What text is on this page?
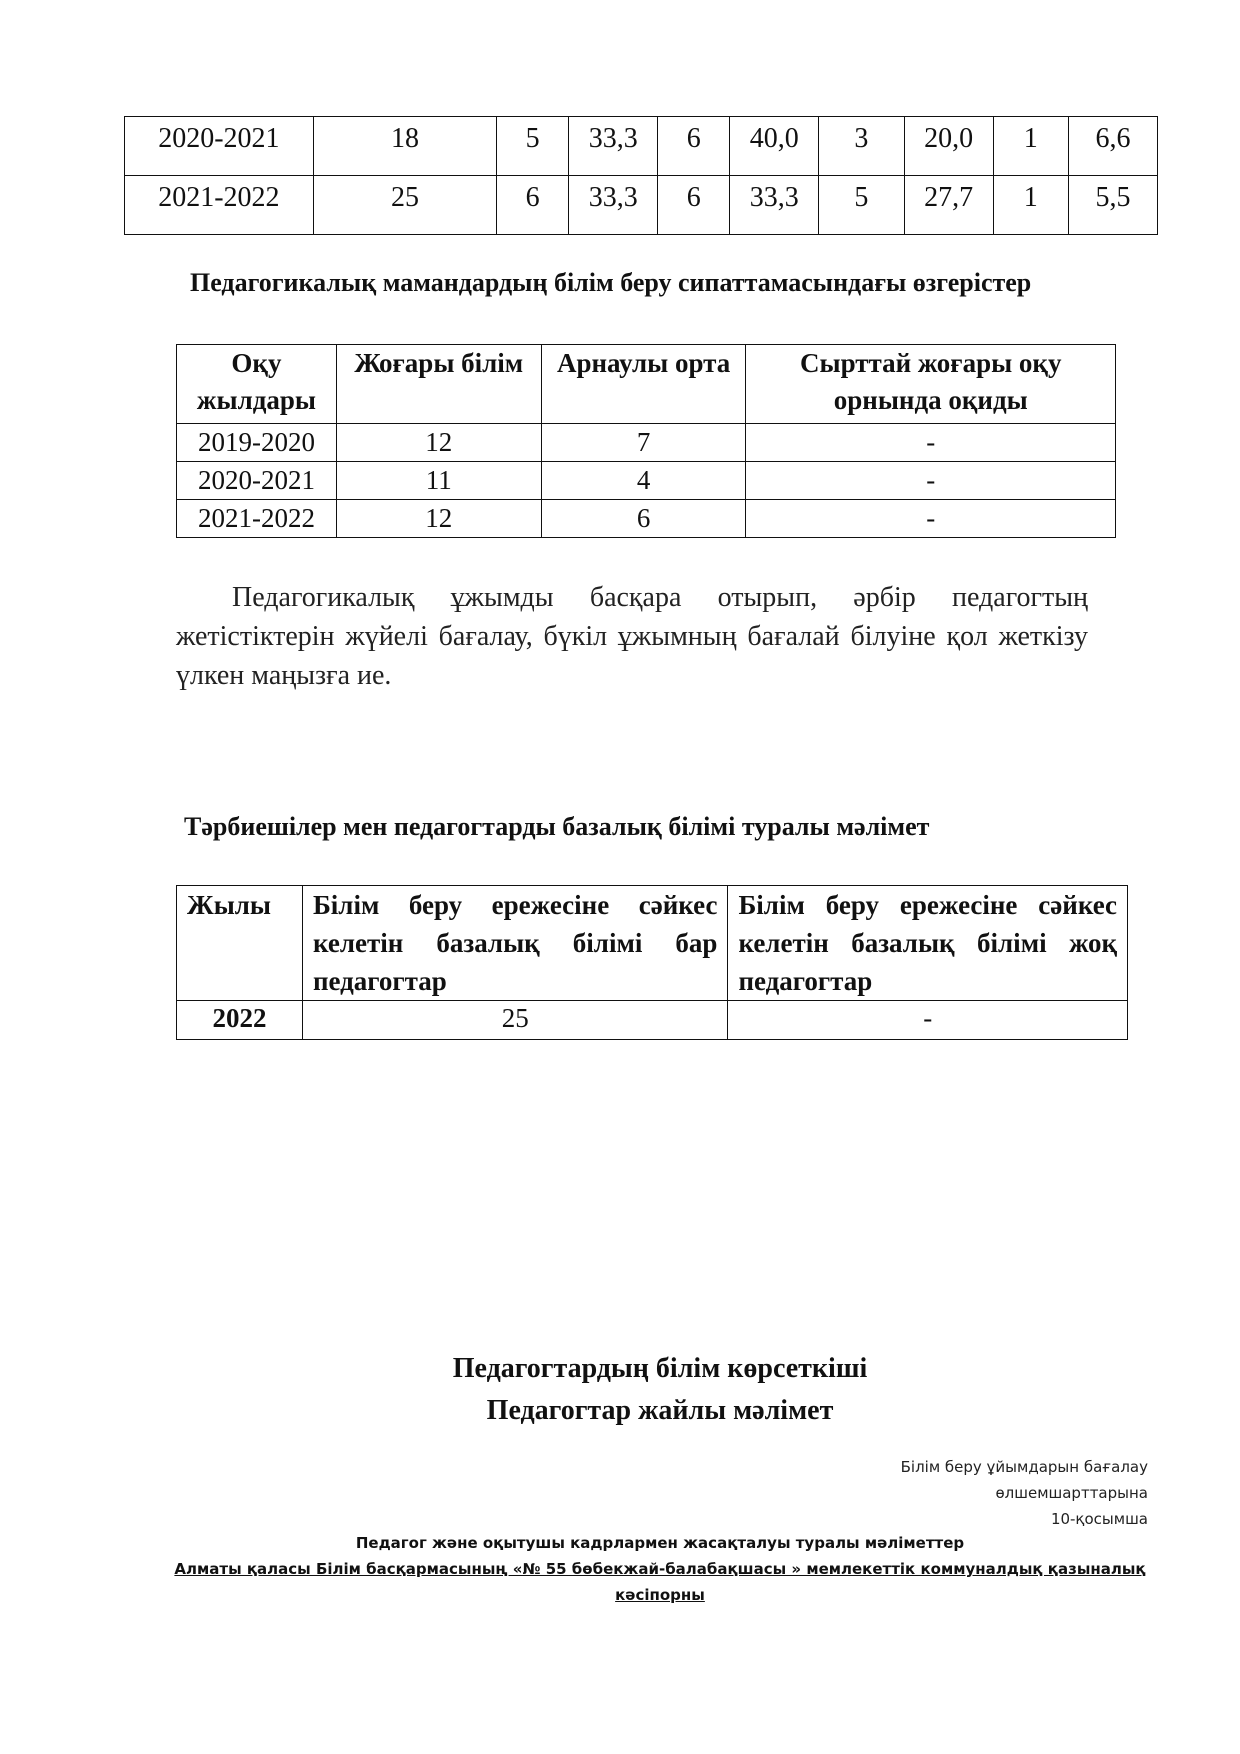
2020-2021	18	5	33,3	6	40,0	3	20,0	1	6,6
2021-2022	25	6	33,3	6	33,3	5	27,7	1	5,5
Педагогикалық мамандардың білім беру сипаттамасындағы өзгерістер
Оқу жылдары	Жоғары білім	Арнаулы орта	Сырттай жоғары оқу орнында оқиды
2019-2020	12	7	-
2020-2021	11	4	-
2021-2022	12	6	-
Педагогикалық ұжымды басқара отырып, әрбір педагогтың жетістіктерін жүйелі бағалау, бүкіл ұжымның бағалай білуіне қол жеткізу үлкен маңызға ие.
Тәрбиешілер мен педагогтарды базалық білімі туралы мәлімет
Жылы	Білім беру ережесіне сәйкес келетін базалық білімі бар педагогтар	Білім беру ережесіне сәйкес келетін базалық білімі жоқ педагогтар
2022	25	-
Педагогтардың білім көрсеткіші
Педагогтар жайлы мәлімет
Білім беру ұйымдарын бағалау
өлшемшарттарына
10-қосымша
Педагог және оқытушы кадрлармен жасақталуы туралы мәліметтер
Алматы қаласы Білім басқармасының «№ 55 бөбекжай-балабақшасы » мемлекеттік коммуналдық қазыналық
кәсіпорны
